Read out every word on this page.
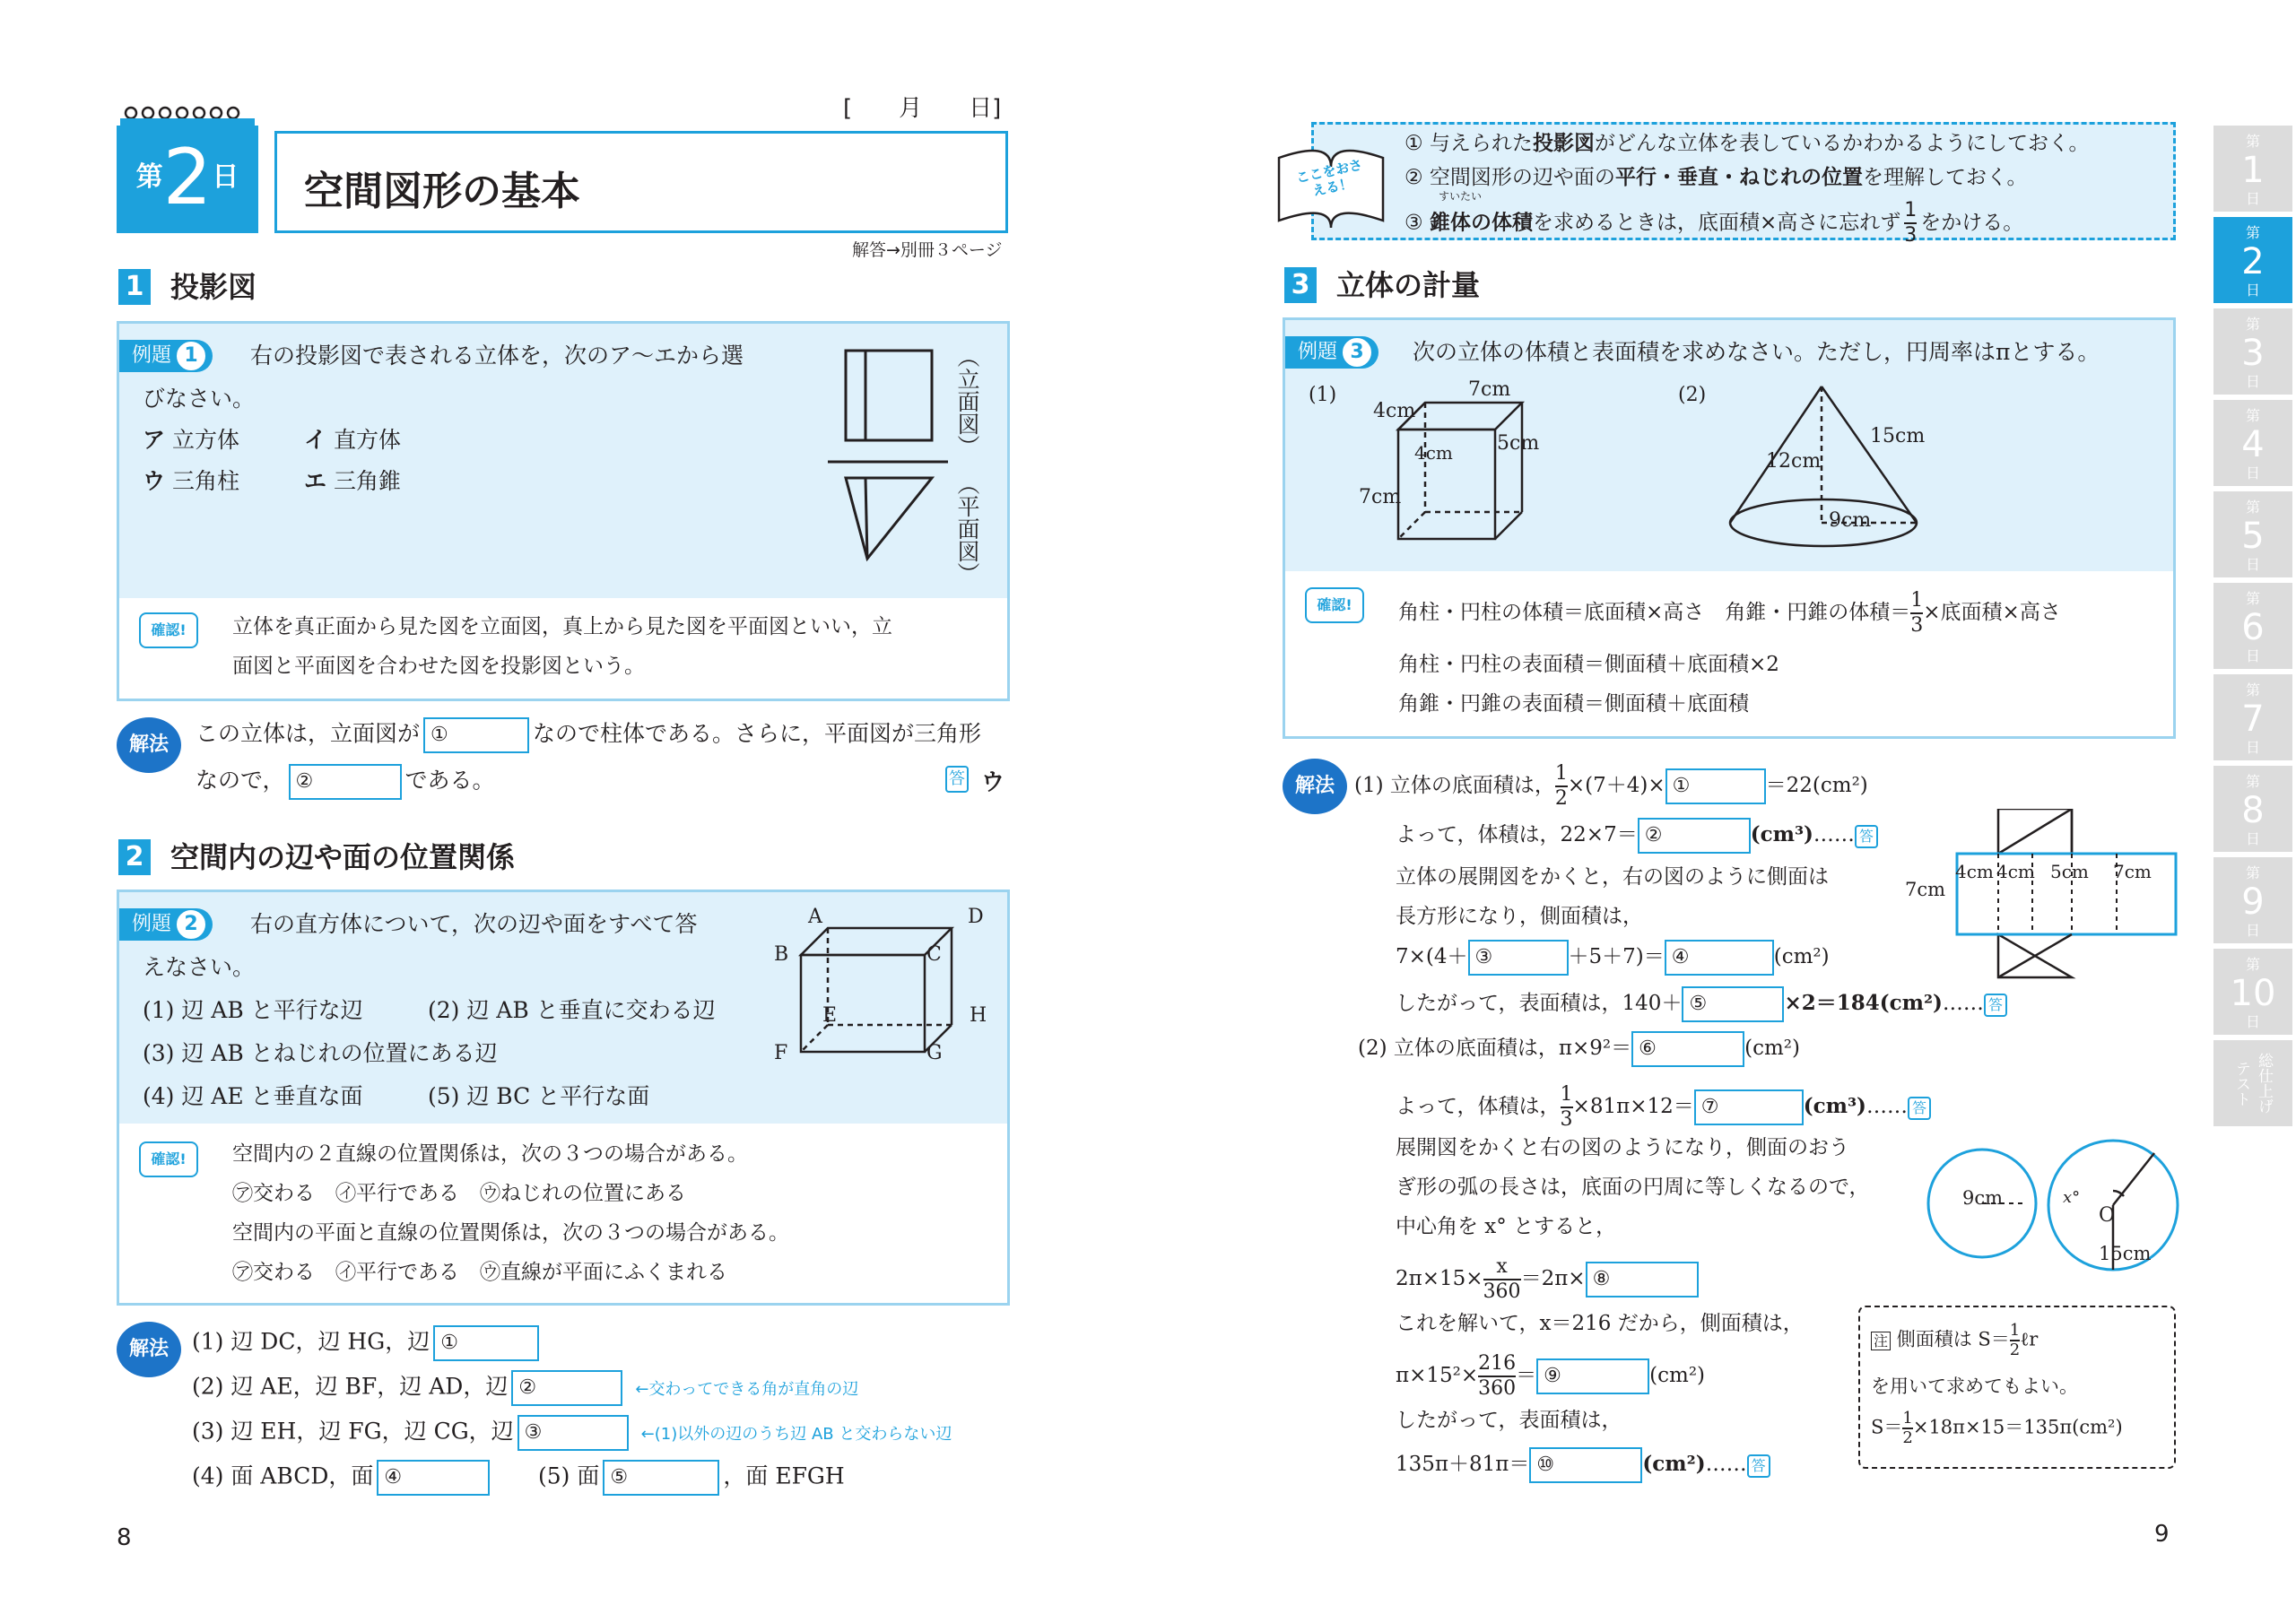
第2日
[　　月　　日]
空間図形の基本
解答→別冊３ページ
1 投影図
例題 1	右の投影図で表される立体を，次のア～エから選
びなさい。
ア 立方体	イ 直方体
ウ 三角柱	エ 三角錐
（立面図）
（平面図）
確認!	立体を真正面から見た図を立面図，真上から見た図を平面図といい，立
面図と平面図を合わせた図を投影図という。
解法	この立体は，立面図が ①	なので柱体である。さらに，平面図が三角形
なので， ②	である。	答 ウ
2 空間内の辺や面の位置関係
例題 2	右の直方体について，次の辺や面をすべて答
えなさい。
(1) 辺 AB と平行な辺	(2) 辺 AB と垂直に交わる辺
(3) 辺 AB とねじれの位置にある辺
(4) 辺 AE と垂直な面	(5) 辺 BC と平行な面
A	D
B	C
E	H
F	G
確認!	空間内の２直線の位置関係は，次の３つの場合がある。
㋐交わる　㋑平行である　㋒ねじれの位置にある
空間内の平面と直線の位置関係は，次の３つの場合がある。
㋐交わる　㋑平行である　㋒直線が平面にふくまれる
解法	(1) 辺 DC，辺 HG，辺 ①
(2) 辺 AE，辺 BF，辺 AD，辺 ②	←交わってできる角が直角の辺
(3) 辺 EH，辺 FG，辺 CG，辺 ③	←(1)以外の辺のうち辺 AB と交わらない辺
(4) 面 ABCD，面 ④	(5) 面 ⑤	，面 EFGH
8
ここをおさえる！
① 与えられた投影図がどんな立体を表しているかわかるようにしておく。
② 空間図形の辺や面の平行・垂直・ねじれの位置を理解しておく。
すいたい
③ 錐体の体積を求めるときは，底面積×高さに忘れず $\frac{1}{3}$ をかける。
3 立体の計量
例題 3	次の立体の体積と表面積を求めなさい。ただし，円周率はπとする。
(1)	7cm
4cm
5cm
4cm
7cm
(2)
15cm
12cm
9cm
確認!	角柱・円柱の体積＝底面積×高さ　角錐・円錐の体積＝ $\frac{1}{3}$ ×底面積×高さ
角柱・円柱の表面積＝側面積＋底面積×2
角錐・円錐の表面積＝側面積＋底面積
解法 (1) 立体の底面積は， $\frac{1}{2} \times(7+4)\times$ ①	＝22(cm²)
よって，体積は，22×7＝ ②	(cm³)…… 答
立体の展開図をかくと，右の図のように側面は
長方形になり，側面積は，
7×(4＋ ③	＋5＋7)＝ ④	(cm²)
したがって，表面積は，140＋ ⑤	×2＝184(cm²)…… 答
7cm
4cm 4cm 5cm 7cm
(2) 立体の底面積は，π×9²＝ ⑥	(cm²)
よって，体積は， $\frac{1}{3} \times 81\pi\times 12=$ ⑦	(cm³)…… 答
展開図をかくと右の図のようになり，側面のおう
ぎ形の弧の長さは，底面の円周に等しくなるので，
中心角を x° とすると，
$2\pi\times 15\times \frac{x}{360} =2\pi\times$ ⑧
これを解いて，x＝216 だから，側面積は，
$\pi\times 15^2\times \frac{216}{360}$ ＝ ⑨	(cm²)
したがって，表面積は，
135π＋81π＝ ⑩	(cm²)…… 答
9cm	x°
O
15cm
注 側面積は $S= \frac{1}{2}$ ℓr
を用いて求めてもよい。
$S= \frac{1}{2} \times 18\pi\times 15=135\pi(cm^2)$
9
第
1
日
第
2
日
第
3
日
第
4
日
第
5
日
第
6
日
第
7
日
第
8
日
第
9
日
第
10
日
総仕上げテスト
